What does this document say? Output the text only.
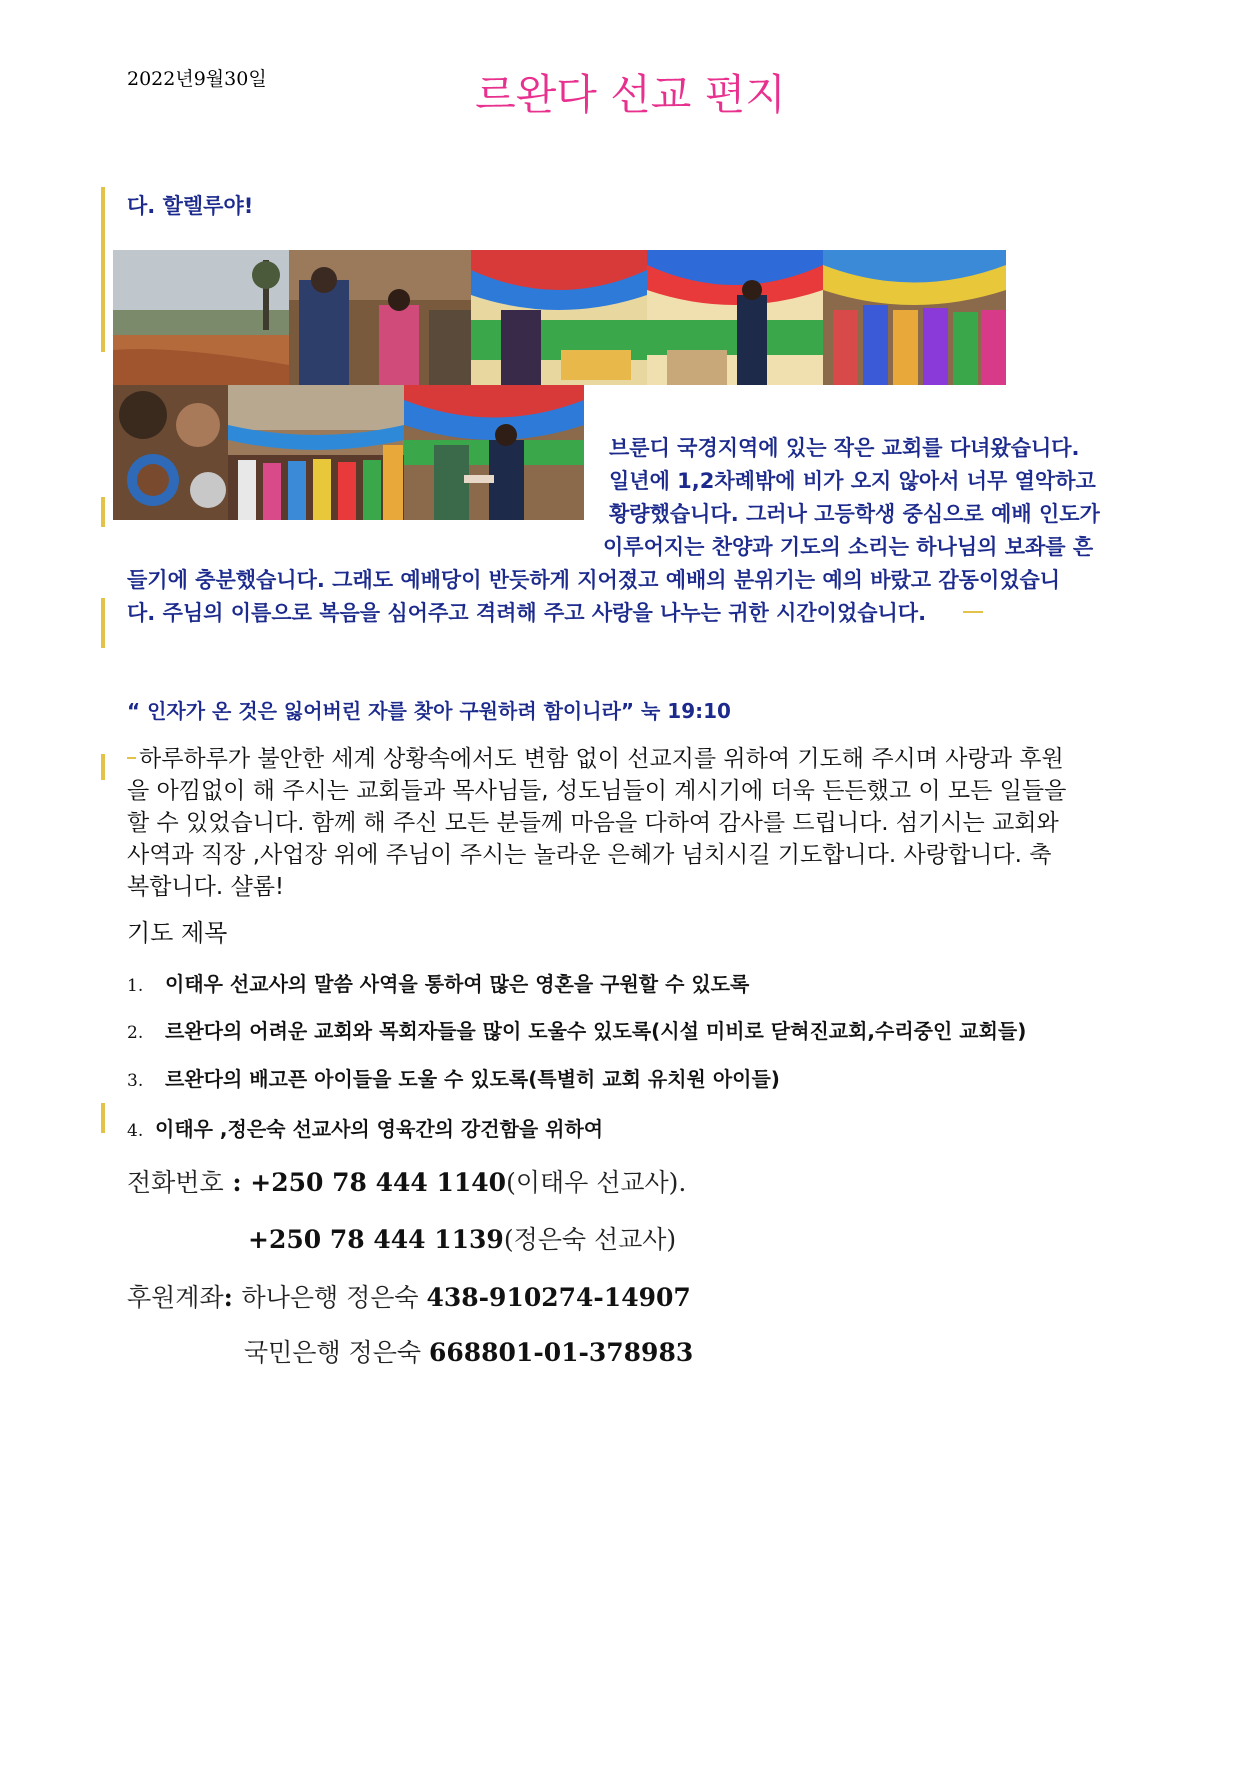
2022년9월30일	르완다 선교 편지
다. 할렐루야!
브룬디 국경지역에 있는 작은 교회를 다녀왔습니다.
일년에 1,2차례밖에 비가 오지 않아서 너무 열악하고
황량했습니다. 그러나 고등학생 중심으로 예배 인도가
이루어지는 찬양과 기도의 소리는 하나님의 보좌를 흔
들기에 충분했습니다. 그래도 예배당이 반듯하게 지어졌고 예배의 분위기는 예의 바랐고 감동이었습니
다. 주님의 이름으로 복음을 심어주고 격려해 주고 사랑을 나누는 귀한 시간이었습니다.
“ 인자가 온 것은 잃어버린 자를 찾아 구원하려 함이니라” 눅 19:10
하루하루가 불안한 세계 상황속에서도 변함 없이 선교지를 위하여 기도해 주시며 사랑과 후원
을 아낌없이 해 주시는 교회들과 목사님들, 성도님들이 계시기에 더욱 든든했고 이 모든 일들을
할 수 있었습니다. 함께 해 주신 모든 분들께 마음을 다하여 감사를 드립니다. 섬기시는 교회와
사역과 직장 ,사업장 위에 주님이 주시는 놀라운 은혜가 넘치시길 기도합니다. 사랑합니다. 축
복합니다. 샬롬!
기도 제목
1. 이태우 선교사의 말씀 사역을 통하여 많은 영혼을 구원할 수 있도록
2. 르완다의 어려운 교회와 목회자들을 많이 도울수 있도록(시설 미비로 닫혀진교회,수리중인 교회들)
3. 르완다의 배고픈 아이들을 도울 수 있도록(특별히 교회 유치원 아이들)
4. 이태우 ,정은숙 선교사의 영육간의 강건함을 위하여
전화번호 : +250 78 444 1140(이태우 선교사).
+250 78 444 1139(정은숙 선교사)
후원계좌: 하나은행 정은숙 438-910274-14907
국민은행 정은숙 668801-01-378983
